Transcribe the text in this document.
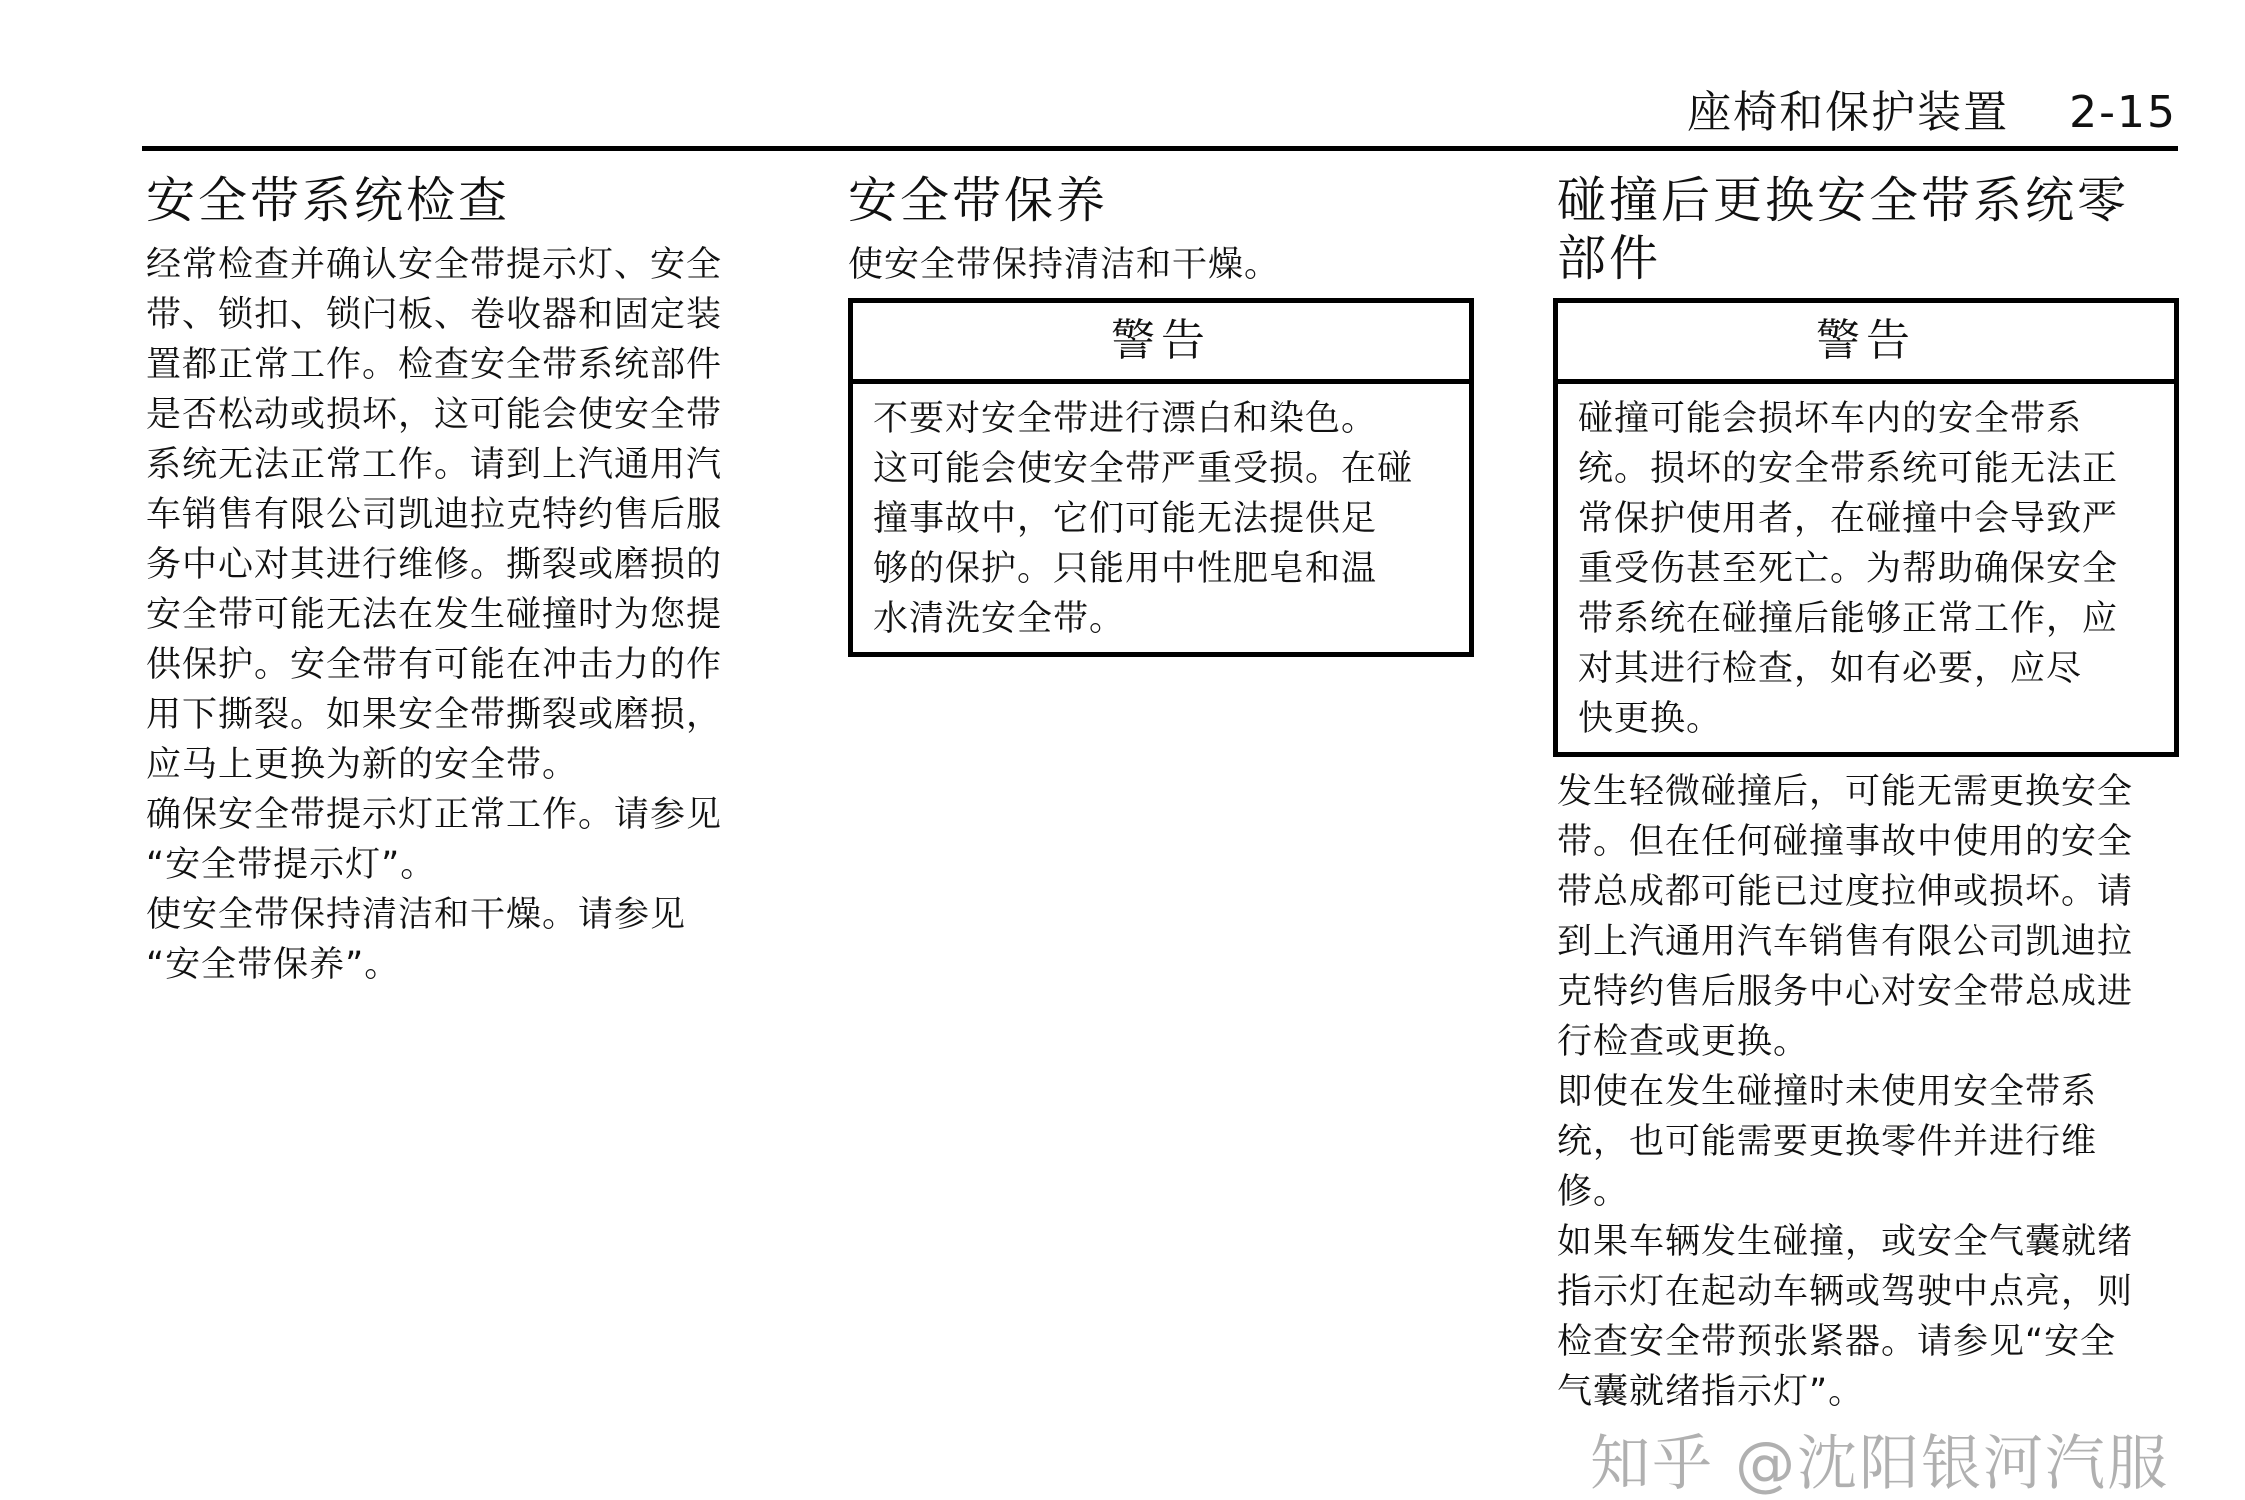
座椅和保护装置 2-15
安全带系统检查
经常检查并确认安全带提示灯、安全
带、锁扣、锁闩板、卷收器和固定装
置都正常工作。检查安全带系统部件
是否松动或损坏，这可能会使安全带
系统无法正常工作。请到上汽通用汽
车销售有限公司凯迪拉克特约售后服
务中心对其进行维修。撕裂或磨损的
安全带可能无法在发生碰撞时为您提
供保护。安全带有可能在冲击力的作
用下撕裂。如果安全带撕裂或磨损，
应马上更换为新的安全带。
确保安全带提示灯正常工作。请参见
“安全带提示灯”。
使安全带保持清洁和干燥。请参见
“安全带保养”。
安全带保养
使安全带保持清洁和干燥。
警告
不要对安全带进行漂白和染色。
这可能会使安全带严重受损。在碰
撞事故中，它们可能无法提供足
够的保护。只能用中性肥皂和温
水清洗安全带。
碰撞后更换安全带系统零
部件
警告
碰撞可能会损坏车内的安全带系
统。损坏的安全带系统可能无法正
常保护使用者，在碰撞中会导致严
重受伤甚至死亡。为帮助确保安全
带系统在碰撞后能够正常工作，应
对其进行检查，如有必要，应尽
快更换。
发生轻微碰撞后，可能无需更换安全
带。但在任何碰撞事故中使用的安全
带总成都可能已过度拉伸或损坏。请
到上汽通用汽车销售有限公司凯迪拉
克特约售后服务中心对安全带总成进
行检查或更换。
即使在发生碰撞时未使用安全带系
统，也可能需要更换零件并进行维
修。
如果车辆发生碰撞，或安全气囊就绪
指示灯在起动车辆或驾驶中点亮，则
检查安全带预张紧器。请参见“安全
气囊就绪指示灯”。
知乎 @沈阳银河汽服
